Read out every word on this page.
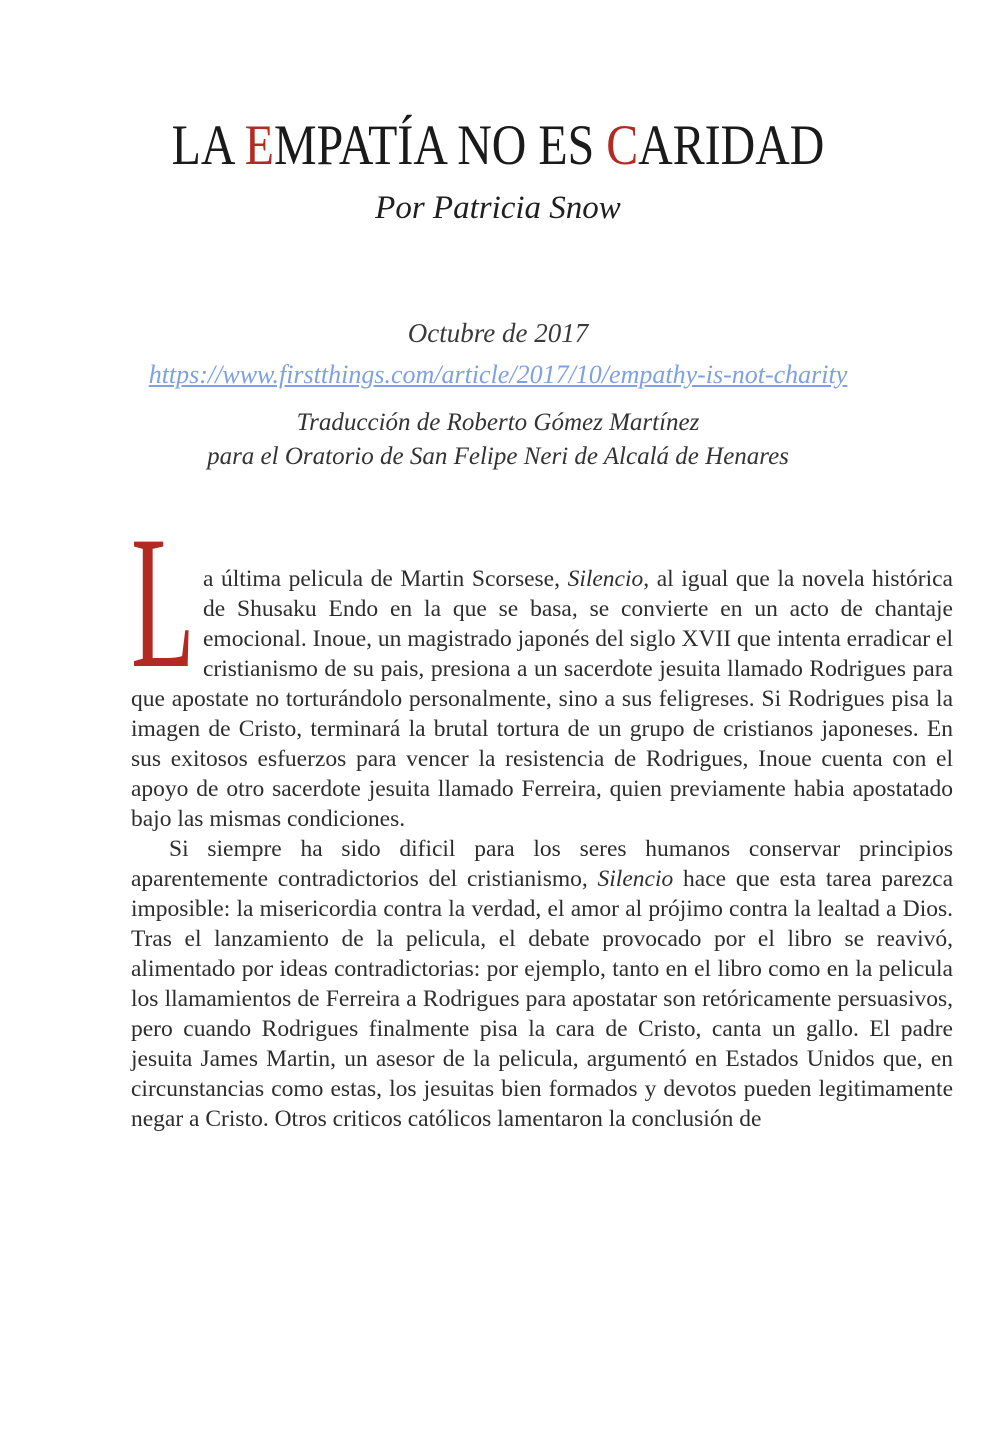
LA EMPATÍA NO ES CARIDAD
Por Patricia Snow
Octubre de 2017
https://www.firstthings.com/article/2017/10/empathy-is-not-charity
Traducción de Roberto Gómez Martínez
para el Oratorio de San Felipe Neri de Alcalá de Henares

L a última pelicula de Martin Scorsese, Silencio, al igual que la novela histórica de Shusaku Endo en la que se basa, se convierte en un acto de chantaje emocional. Inoue, un magistrado japonés del siglo XVII que intenta erradicar el cristianismo de su pais, presiona a un sacerdote jesuita llamado Rodrigues para que apostate no torturándolo personalmente, sino a sus feligreses. Si Rodrigues pisa la imagen de Cristo, terminará la brutal tortura de un grupo de cristianos japoneses. En sus exitosos esfuerzos para vencer la resistencia de Rodrigues, Inoue cuenta con el apoyo de otro sacerdote jesuita llamado Ferreira, quien previamente habia apostatado bajo las mismas condiciones.

Si siempre ha sido dificil para los seres humanos conservar principios aparentemente contradictorios del cristianismo, Silencio hace que esta tarea parezca imposible: la misericordia contra la verdad, el amor al prójimo contra la lealtad a Dios. Tras el lanzamiento de la pelicula, el debate provocado por el libro se reavivó, alimentado por ideas contradictorias: por ejemplo, tanto en el libro como en la pelicula los llamamientos de Ferreira a Rodrigues para apostatar son retóricamente persuasivos, pero cuando Rodrigues finalmente pisa la cara de Cristo, canta un gallo. El padre jesuita James Martin, un asesor de la pelicula, argumentó en Estados Unidos que, en circunstancias como estas, los jesuitas bien formados y devotos pueden legitimamente negar a Cristo. Otros criticos católicos lamentaron la conclusión de
